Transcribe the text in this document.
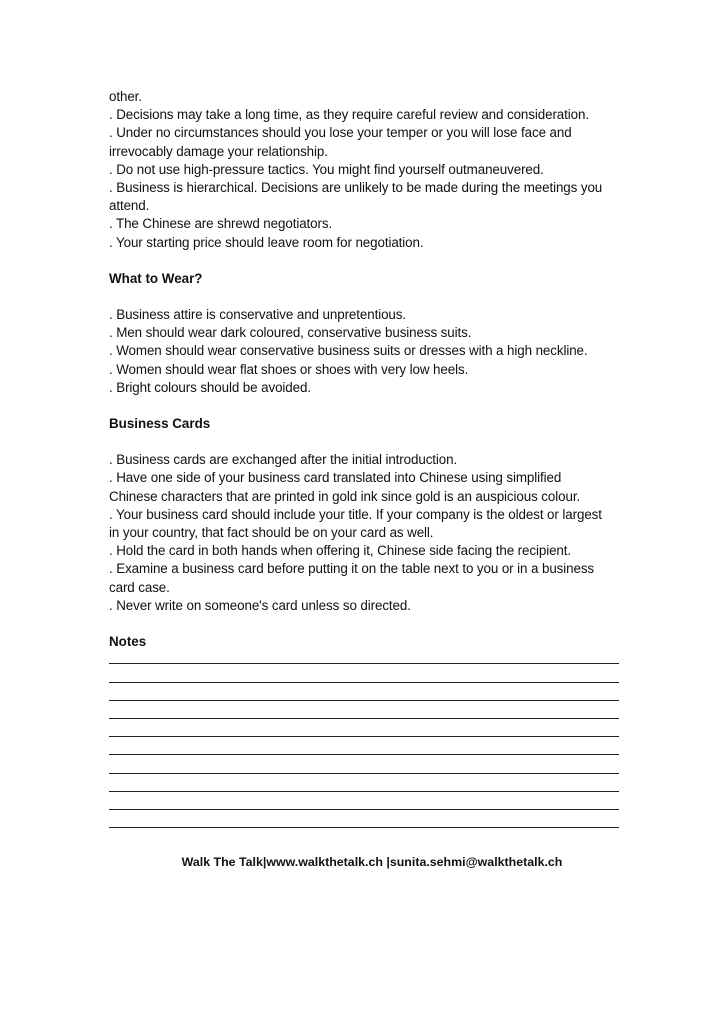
other.
. Decisions may take a long time, as they require careful review and consideration.
. Under no circumstances should you lose your temper or you will lose face and
irrevocably damage your relationship.
. Do not use high-pressure tactics. You might find yourself outmaneuvered.
. Business is hierarchical. Decisions are unlikely to be made during the meetings you
attend.
. The Chinese are shrewd negotiators.
. Your starting price should leave room for negotiation.
What to Wear?
. Business attire is conservative and unpretentious.
. Men should wear dark coloured, conservative business suits.
. Women should wear conservative business suits or dresses with a high neckline.
. Women should wear flat shoes or shoes with very low heels.
. Bright colours should be avoided.
Business Cards
. Business cards are exchanged after the initial introduction.
. Have one side of your business card translated into Chinese using simplified
Chinese characters that are printed in gold ink since gold is an auspicious colour.
. Your business card should include your title. If your company is the oldest or largest
in your country, that fact should be on your card as well.
. Hold the card in both hands when offering it, Chinese side facing the recipient.
. Examine a business card before putting it on the table next to you or in a business
card case.
. Never write on someone's card unless so directed.
Notes
Walk The Talk|www.walkthetalk.ch |sunita.sehmi@walkthetalk.ch
